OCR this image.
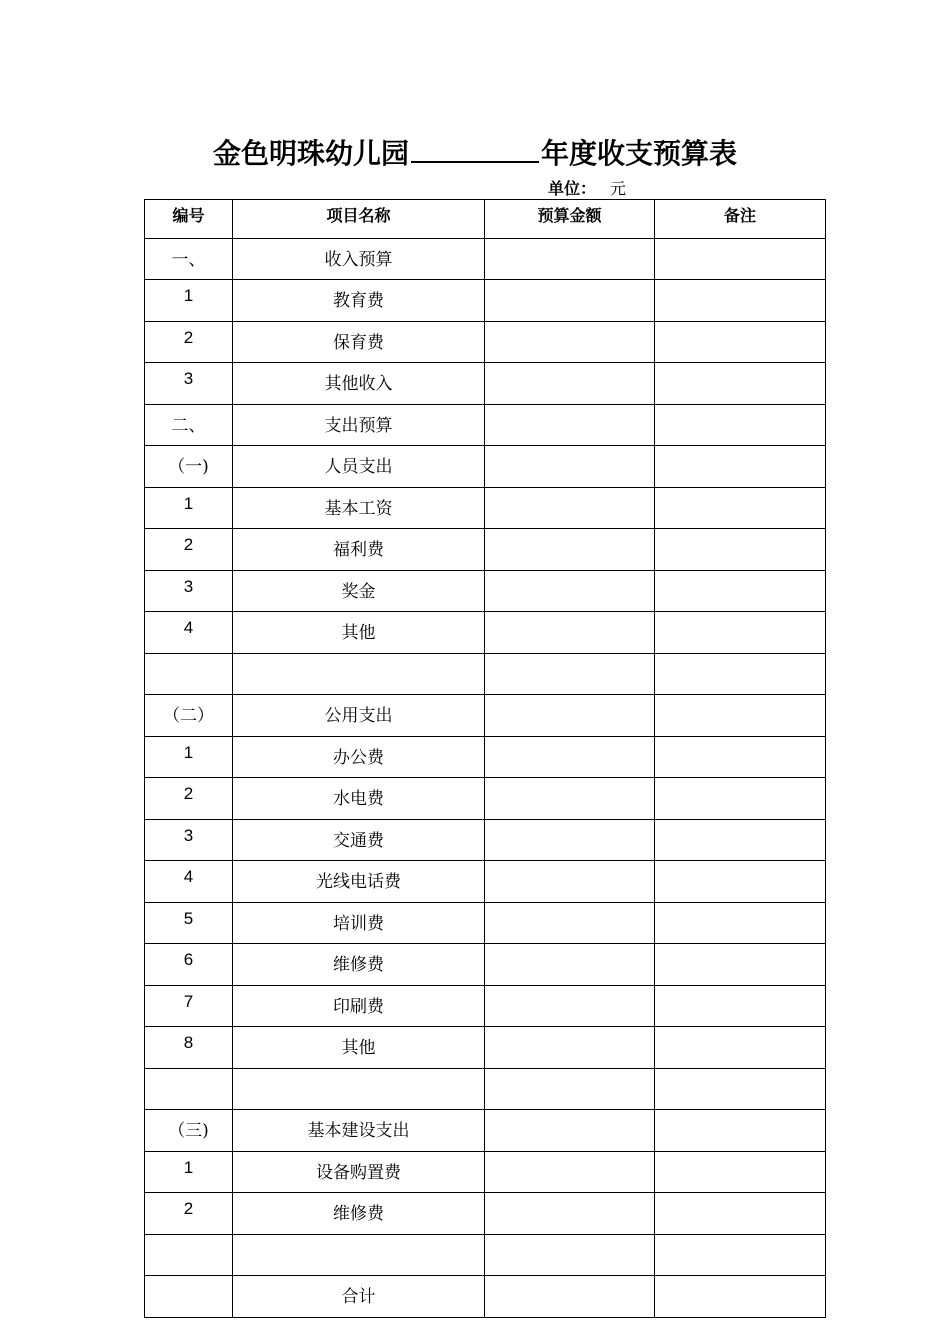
金色明珠幼儿园	年度收支预算表
单位： 元
编号	项目名称	预算金额	备注
一、	收入预算		
1	教育费		
2	保育费		
3	其他收入		
二、	支出预算		
（一)	人员支出		
1	基本工资		
2	福利费		
3	奖金		
4	其他		

（二）	公用支出		
1	办公费		
2	水电费		
3	交通费		
4	光线电话费		
5	培训费		
6	维修费		
7	印刷费		
8	其他		

（三)	基本建设支出		
1	设备购置费		
2	维修费		

	合计		
